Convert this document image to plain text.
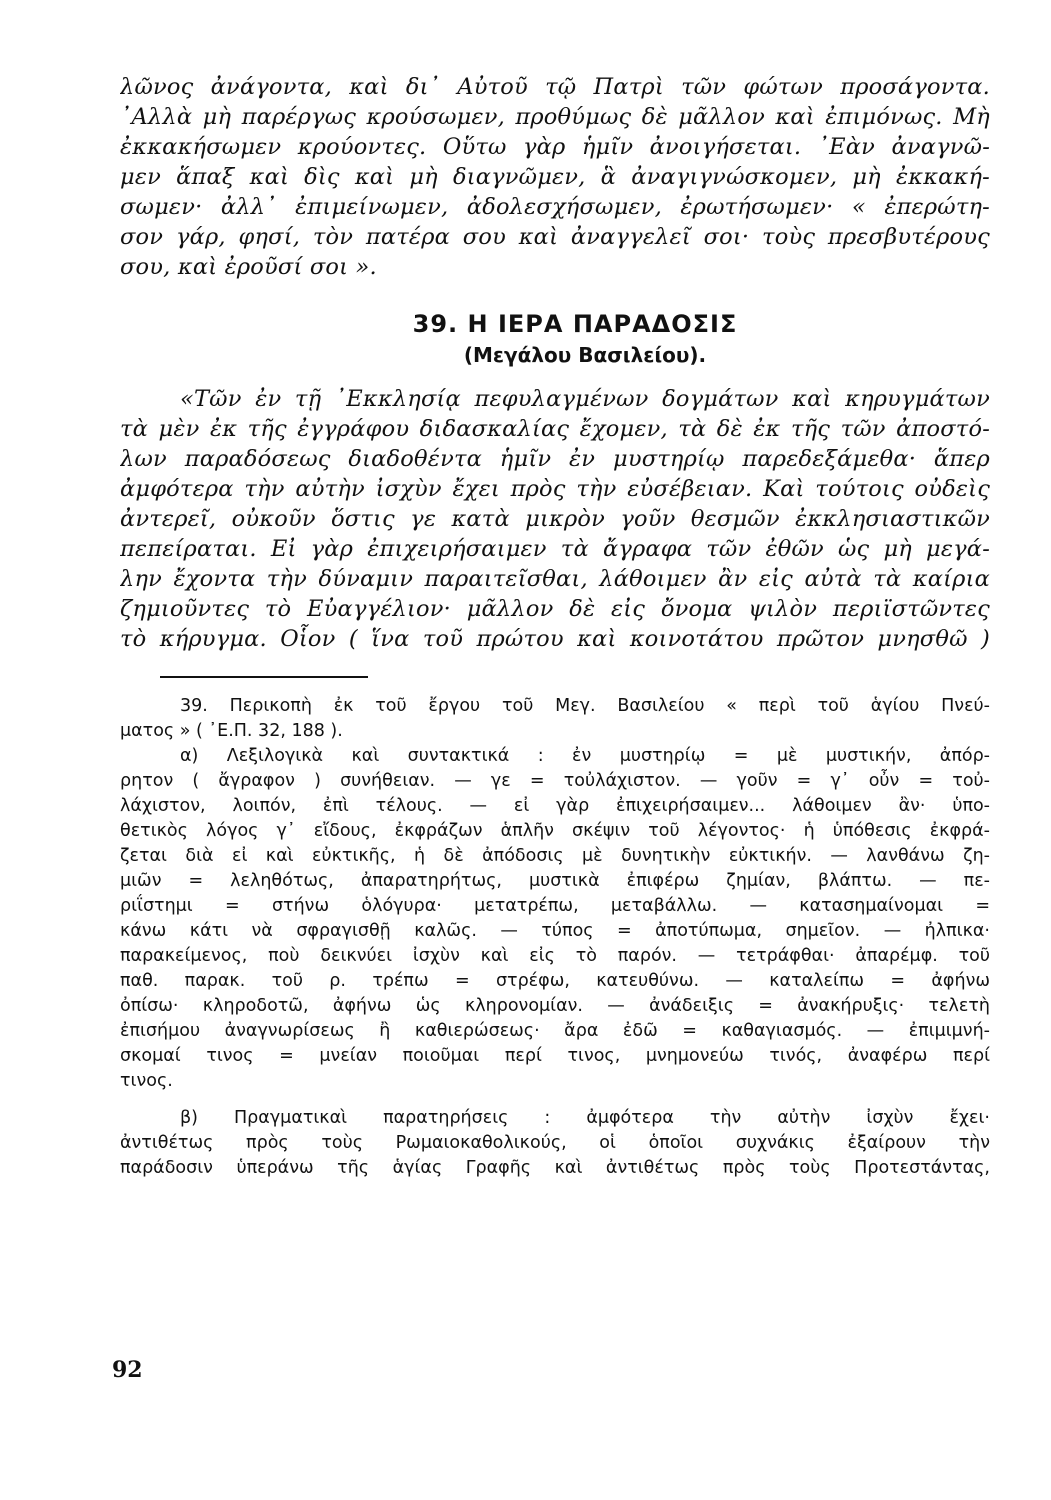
λῶνος ἀνάγοντα, καὶ δι᾿ Αὐτοῦ τῷ Πατρὶ τῶν φώτων προσάγοντα.
᾿Αλλὰ μὴ παρέργως κρούσωμεν, προθύμως δὲ μᾶλλον καὶ ἐπιμόνως. Μὴ
ἐκκακήσωμεν κρούοντες. Οὕτω γὰρ ἡμῖν ἀνοιγήσεται. ᾿Εὰν ἀναγνῶ-
μεν ἅπαξ καὶ δὶς καὶ μὴ διαγνῶμεν, ἃ ἀναγιγνώσκομεν, μὴ ἐκκακή-
σωμεν· ἀλλ᾿ ἐπιμείνωμεν, ἀδολεσχήσωμεν, ἐρωτήσωμεν· « ἐπερώτη-
σον γάρ, φησί, τὸν πατέρα σου καὶ ἀναγγελεῖ σοι· τοὺς πρεσβυτέρους
σου, καὶ ἐροῦσί σοι ».
39. Η ΙΕΡΑ ΠΑΡΑΔΟΣΙΣ
(Μεγάλου Βασιλείου).
«Τῶν ἐν τῇ ᾿Εκκλησίᾳ πεφυλαγμένων δογμάτων καὶ κηρυγμάτων
τὰ μὲν ἐκ τῆς ἐγγράφου διδασκαλίας ἔχομεν, τὰ δὲ ἐκ τῆς τῶν ἀποστό-
λων παραδόσεως διαδοθέντα ἡμῖν ἐν μυστηρίῳ παρεδεξάμεθα· ἅπερ
ἀμφότερα τὴν αὐτὴν ἰσχὺν ἔχει πρὸς τὴν εὐσέβειαν. Καὶ τούτοις οὐδεὶς
ἀντερεῖ, οὐκοῦν ὅστις γε κατὰ μικρὸν γοῦν θεσμῶν ἐκκλησιαστικῶν
πεπείραται. Εἰ γὰρ ἐπιχειρήσαιμεν τὰ ἄγραφα τῶν ἐθῶν ὡς μὴ μεγά-
λην ἔχοντα τὴν δύναμιν παραιτεῖσθαι, λάθοιμεν ἂν εἰς αὐτὰ τὰ καίρια
ζημιοῦντες τὸ Εὐαγγέλιον· μᾶλλον δὲ εἰς ὄνομα ψιλὸν περιϊστῶντες
τὸ κήρυγμα. Οἷον ( ἵνα τοῦ πρώτου καὶ κοινοτάτου πρῶτον μνησθῶ )
39. Περικοπὴ ἐκ τοῦ ἔργου τοῦ Μεγ. Βασιλείου « περὶ τοῦ ἁγίου Πνεύ-
ματος » ( ᾿Ε.Π. 32, 188 ).
α) Λεξιλογικὰ καὶ συντακτικά : ἐν μυστηρίῳ = μὲ μυστικήν, ἀπόρ-
ρητον ( ἄγραφον ) συνήθειαν. — γε = τοὐλάχιστον. — γοῦν = γ᾿ οὖν = τοὐ-
λάχιστον, λοιπόν, ἐπὶ τέλους. — εἰ γὰρ ἐπιχειρήσαιμεν... λάθοιμεν ἂν· ὑπο-
θετικὸς λόγος γ᾿ εἴδους, ἐκφράζων ἁπλῆν σκέψιν τοῦ λέγοντος· ἡ ὑπόθεσις ἐκφρά-
ζεται διὰ εἰ καὶ εὐκτικῆς, ἡ δὲ ἀπόδοσις μὲ δυνητικὴν εὐκτικήν. — λανθάνω ζη-
μιῶν = λεληθότως, ἀπαρατηρήτως, μυστικὰ ἐπιφέρω ζημίαν, βλάπτω. — πε-
ριΐστημι = στήνω ὁλόγυρα· μετατρέπω, μεταβάλλω. — κατασημαίνομαι =
κάνω κάτι νὰ σφραγισθῇ καλῶς. — τύπος = ἀποτύπωμα, σημεῖον. — ἠλπικα·
παρακείμενος, ποὺ δεικνύει ἰσχὺν καὶ εἰς τὸ παρόν. — τετράφθαι· ἀπαρέμφ. τοῦ
παθ. παρακ. τοῦ ρ. τρέπω = στρέφω, κατευθύνω. — καταλείπω = ἀφήνω
ὀπίσω· κληροδοτῶ, ἀφήνω ὡς κληρονομίαν. — ἀνάδειξις = ἀνακήρυξις· τελετὴ
ἐπισήμου ἀναγνωρίσεως ἢ καθιερώσεως· ἄρα ἐδῶ = καθαγιασμός. — ἐπιμιμνή-
σκομαί τινος = μνείαν ποιοῦμαι περί τινος, μνημονεύω τινός, ἀναφέρω περί
τινος.
β) Πραγματικαὶ παρατηρήσεις : ἀμφότερα τὴν αὐτὴν ἰσχὺν ἔχει·
ἀντιθέτως πρὸς τοὺς Ρωμαιοκαθολικούς, οἱ ὁποῖοι συχνάκις ἐξαίρουν τὴν
παράδοσιν ὑπεράνω τῆς ἁγίας Γραφῆς καὶ ἀντιθέτως πρὸς τοὺς Προτεστάντας,
92
